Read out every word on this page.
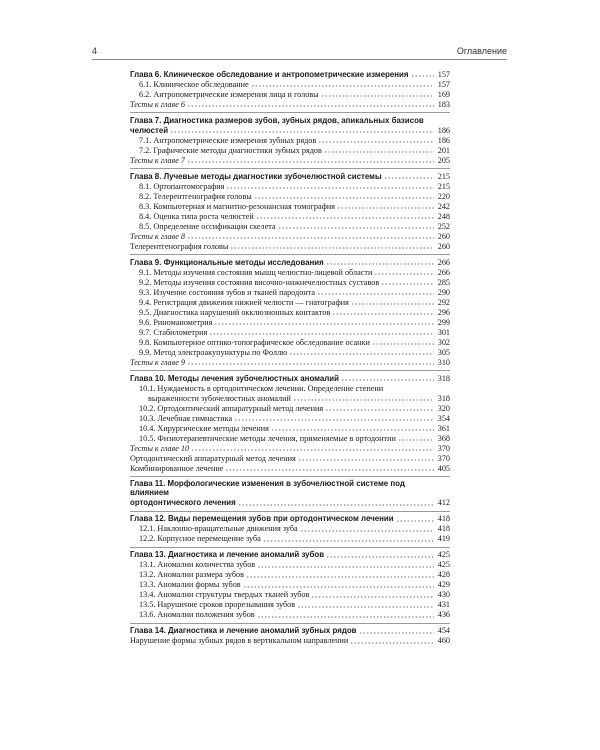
4	Оглавление
Глава 6. Клиническое обследование и антропометрические измерения	157
6.1. Клиническое обследование	157
6.2. Антропометрические измерения лица и головы	169
Тесты к главе 6	183
Глава 7. Диагностика размеров зубов, зубных рядов, апикальных базисов
челюстей	186
7.1. Антропометрические измерения зубных рядов	186
7.2. Графические методы диагностики зубных рядов	201
Тесты к главе 7	205
Глава 8. Лучевые методы диагностики зубочелюстной системы	215
8.1. Ортопантомография	215
8.2. Телерентгенография головы	220
8.3. Компьютерная и магнитно-резонансная томография	242
8.4. Оценка типа роста челюстей	248
8.5. Определение оссификации скелета	252
Тесты к главе 8	260
Телерентгенография головы	260
Глава 9. Функциональные методы исследования	266
9.1. Методы изучения состояния мышц челюстно-лицевой области	266
9.2. Методы изучения состояния височно-нижнечелюстных суставов	285
9.3. Изучение состояния зубов и тканей пародонта	290
9.4. Регистрация движения нижней челюсти — гнатография	292
9.5. Диагностика нарушений окклюзионных контактов	296
9.6. Риноманометрия	299
9.7. Стабилометрия	301
9.8. Компьютерное оптико-топографическое обследование осанки	302
9.9. Метод электроакупунктуры по Фоллю	305
Тесты к главе 9	310
Глава 10. Методы лечения зубочелюстных аномалий	318
10.1. Нуждаемость в ортодонтическом лечении. Определение степени
выраженности зубочелюстных аномалий	318
10.2. Ортодонтический аппаратурный метод лечения	320
10.3. Лечебная гимнастика	354
10.4. Хирургические методы лечения	361
10.5. Физиотерапевтические методы лечения, применяемые в ортодонтии	368
Тесты к главе 10	370
Ортодонтический аппаратурный метод лечения	370
Комбинированное лечение	405
Глава 11. Морфологические изменения в зубочелюстной системе под влиянием
ортодонтического лечения	412
Глава 12. Виды перемещения зубов при ортодонтическом лечении	418
12.1. Наклонно-вращательные движения зуба	418
12.2. Корпусное перемещение зуба	419
Глава 13. Диагностика и лечение аномалий зубов	425
13.1. Аномалии количества зубов	425
13.2. Аномалии размера зубов	428
13.3. Аномалии формы зубов	429
13.4. Аномалии структуры твердых тканей зубов	430
13.5. Нарушение сроков прорезывания зубов	431
13.6. Аномалии положения зубов	436
Глава 14. Диагностика и лечение аномалий зубных рядов	454
Нарушение формы зубных рядов в вертикальном направлении	460
